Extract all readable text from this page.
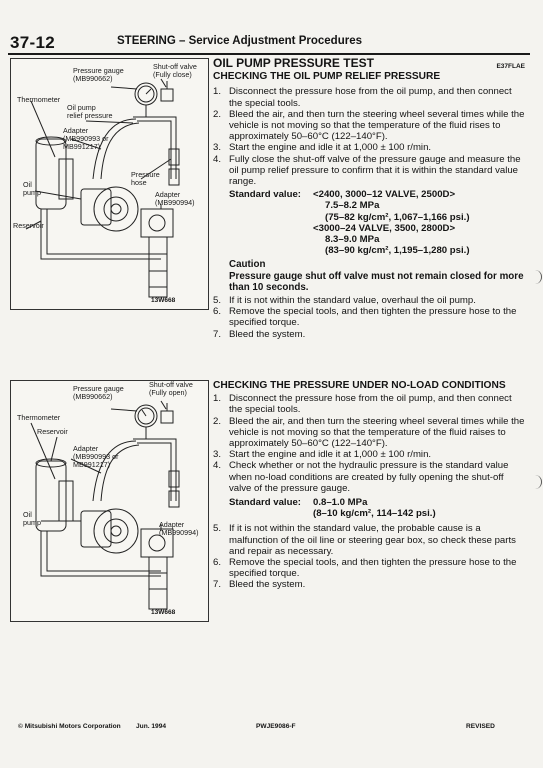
37-12	STEERING – Service Adjustment Procedures
Pressure gauge
(MB990662)
Shut-off valve
(Fully close)
Thermometer
Oil pump
relief pressure
Adapter
(MB990993 or
MB991217)
Pressure
hose
Oil
pump	Adapter
(MB990994)
Reservoir
13W668
Pressure gauge
(MB990662)
Shut-off valve
(Fully open)
Thermometer
Reservoir
Adapter
(MB990993 or
MB991217)
Oil
pump	Adapter
(MB990994)
13W668
OIL PUMP PRESSURE TEST	E37FLAE
CHECKING THE OIL PUMP RELIEF PRESSURE
1. Disconnect the pressure hose from the oil pump, and then connect the special tools.
2. Bleed the air, and then turn the steering wheel several times while the vehicle is not moving so that the temperature of the fluid rises to approximately 50–60°C (122–140°F).
3. Start the engine and idle it at 1,000 ± 100 r/min.
4. Fully close the shut-off valve of the pressure gauge and measure the oil pump relief pressure to confirm that it is within the standard value range.
Standard value:	<2400, 3000–12 VALVE, 2500D>
7.5–8.2 MPa
(75–82 kg/cm², 1,067–1,166 psi.)
<3000–24 VALVE, 3500, 2800D>
8.3–9.0 MPa
(83–90 kg/cm², 1,195–1,280 psi.)
Caution
Pressure gauge shut off valve must not remain closed for more than 10 seconds.
5. If it is not within the standard value, overhaul the oil pump.
6. Remove the special tools, and then tighten the pressure hose to the specified torque.
7. Bleed the system.
CHECKING THE PRESSURE UNDER NO-LOAD CONDITIONS
1. Disconnect the pressure hose from the oil pump, and then connect the special tools.
2. Bleed the air, and then turn the steering wheel several times while the vehicle is not moving so that the temperature of the fluid raises to approximately 50–60°C (122–140°F).
3. Start the engine and idle it at 1,000 ± 100 r/min.
4. Check whether or not the hydraulic pressure is the standard value when no-load conditions are created by fully opening the shut-off valve of the pressure gauge.
Standard value:	0.8–1.0 MPa
(8–10 kg/cm², 114–142 psi.)
5. If it is not within the standard value, the probable cause is a malfunction of the oil line or steering gear box, so check these parts and repair as necessary.
6. Remove the special tools, and then tighten the pressure hose to the specified torque.
7. Bleed the system.
© Mitsubishi Motors Corporation Jun. 1994	PWJE9086-F	REVISED
